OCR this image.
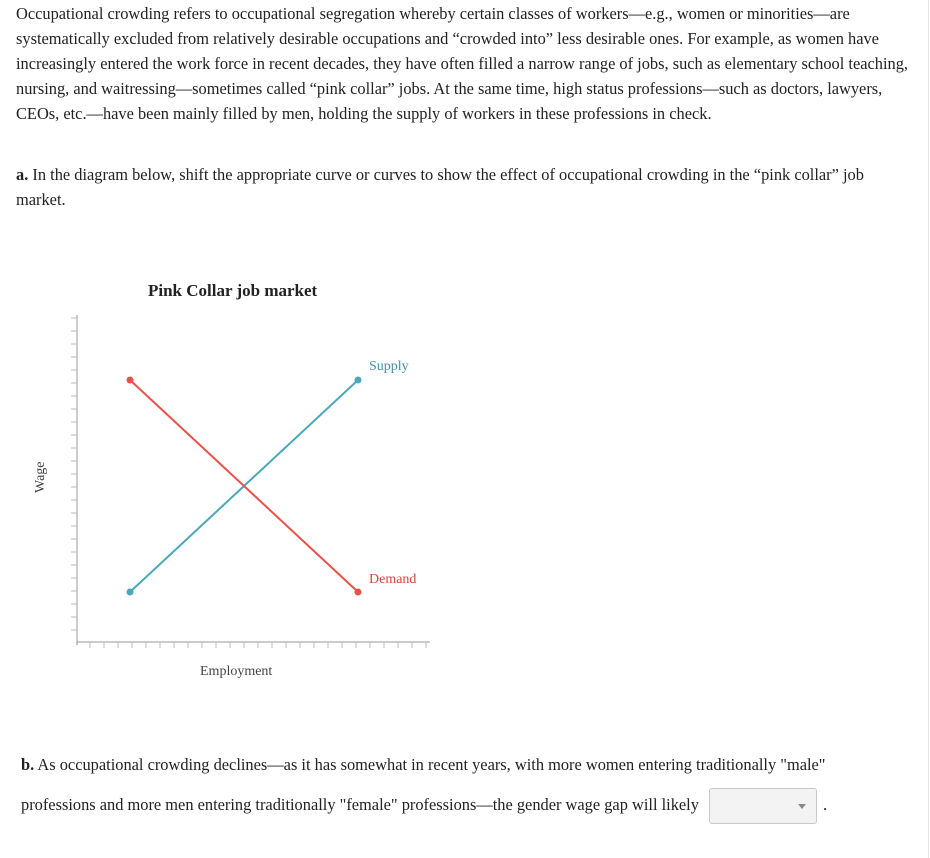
Occupational crowding refers to occupational segregation whereby certain classes of workers—e.g., women or minorities—are systematically excluded from relatively desirable occupations and “crowded into” less desirable ones. For example, as women have increasingly entered the work force in recent decades, they have often filled a narrow range of jobs, such as elementary school teaching, nursing, and waitressing—sometimes called “pink collar” jobs. At the same time, high status professions—such as doctors, lawyers, CEOs, etc.—have been mainly filled by men, holding the supply of workers in these professions in check.

a. In the diagram below, shift the appropriate curve or curves to show the effect of occupational crowding in the “pink collar” job market.
Pink Collar job market
Supply
Demand
Employment
Wage
b. As occupational crowding declines—as it has somewhat in recent years, with more women entering traditionally "male" professions and more men entering traditionally "female" professions—the gender wage gap will likely	.
